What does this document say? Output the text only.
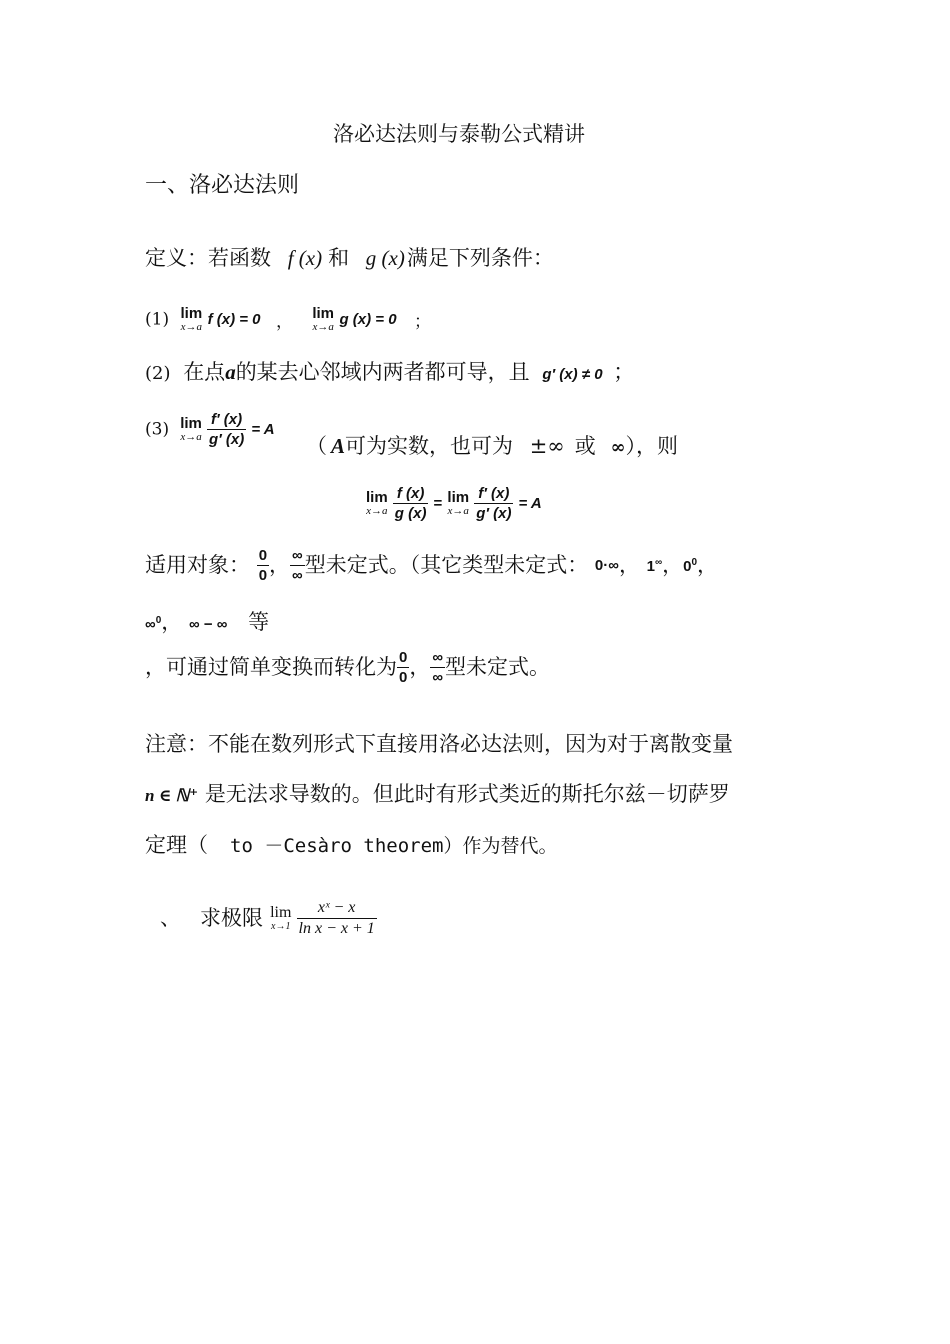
洛必达法则与泰勒公式精讲
一、洛必达法则
定义：若函数 f (x) 和 g (x)满足下列条件：
(1) lim
x→a f (x) = 0 ， lim
x→a g (x) = 0 ；
(2) 在点a的某去心邻域内两者都可导，且 g′ (x) ≠ 0 ；
(3) lim
x→a
$\frac{f' (x)}{g' (x)} = A$
（ A可为实数，也可为 ±∞ 或 ∞），则
lim
x→a
$\frac{f (x)}{g (x)} = \lim$
x→a
$\frac{f' (x)}{g' (x)} = A$
适用对象： $\frac{0}{0}$ ， $\frac{\infty}{\infty}$ 型未定式。（其它类型未定式： 0·∞， 1∞，$0^0$，
∞$^0$， ∞ − ∞ 等
，可通过简单变换而转化为 $\frac{0}{0}$ ， $\frac{\infty}{\infty}$ 型未定式。
注意：不能在数列形式下直接用洛必达法则，因为对于离散变量
n ∈ ℕ⁺ 是无法求导数的。但此时有形式类近的斯托尔兹－切萨罗
定理（ to －Cesàro theorem）作为替代。
、 求极限 lim
x→1
$\frac{\text{xˣ − x}}{\text{ln x − x + 1}}$
